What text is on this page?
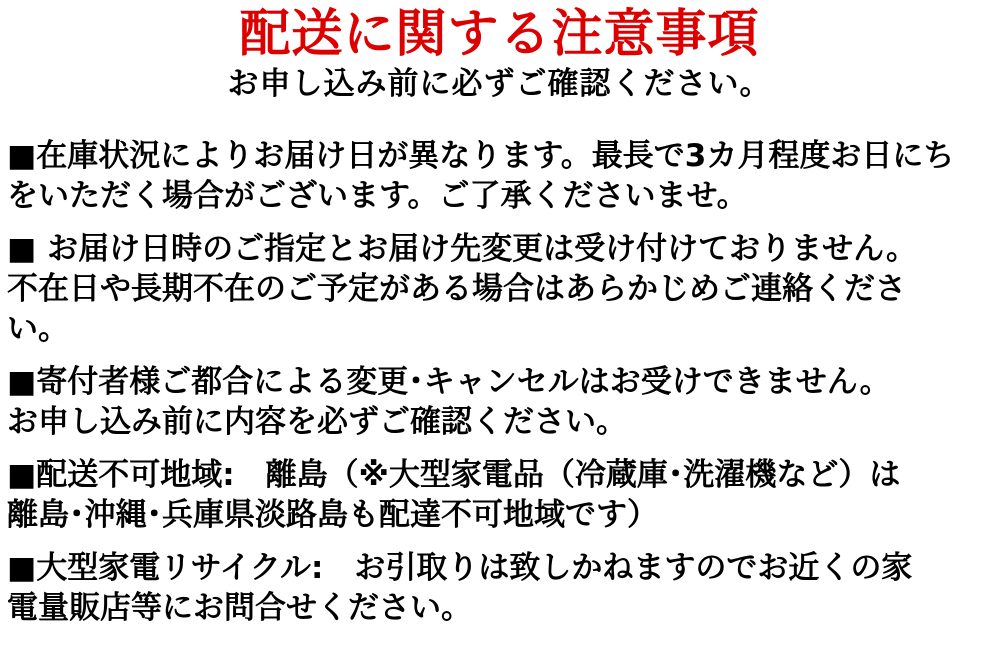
配送に関する注意事項

お申し込み前に必ずご確認ください。

■在庫状況によりお届け日が異なります。最長で3カ月程度お日にち
をいただく場合がございます。ご了承くださいませ。

■ お届け日時のご指定とお届け先変更は受け付けておりません。
不在日や長期不在のご予定がある場合はあらかじめご連絡くださ
い。

■寄付者様ご都合による変更･キャンセルはお受けできません。
お申し込み前に内容を必ずご確認ください。

■配送不可地域:　離島（※大型家電品（冷蔵庫･洗濯機など）は
離島･沖縄･兵庫県淡路島も配達不可地域です）

■大型家電リサイクル:　お引取りは致しかねますのでお近くの家
電量販店等にお問合せください。
